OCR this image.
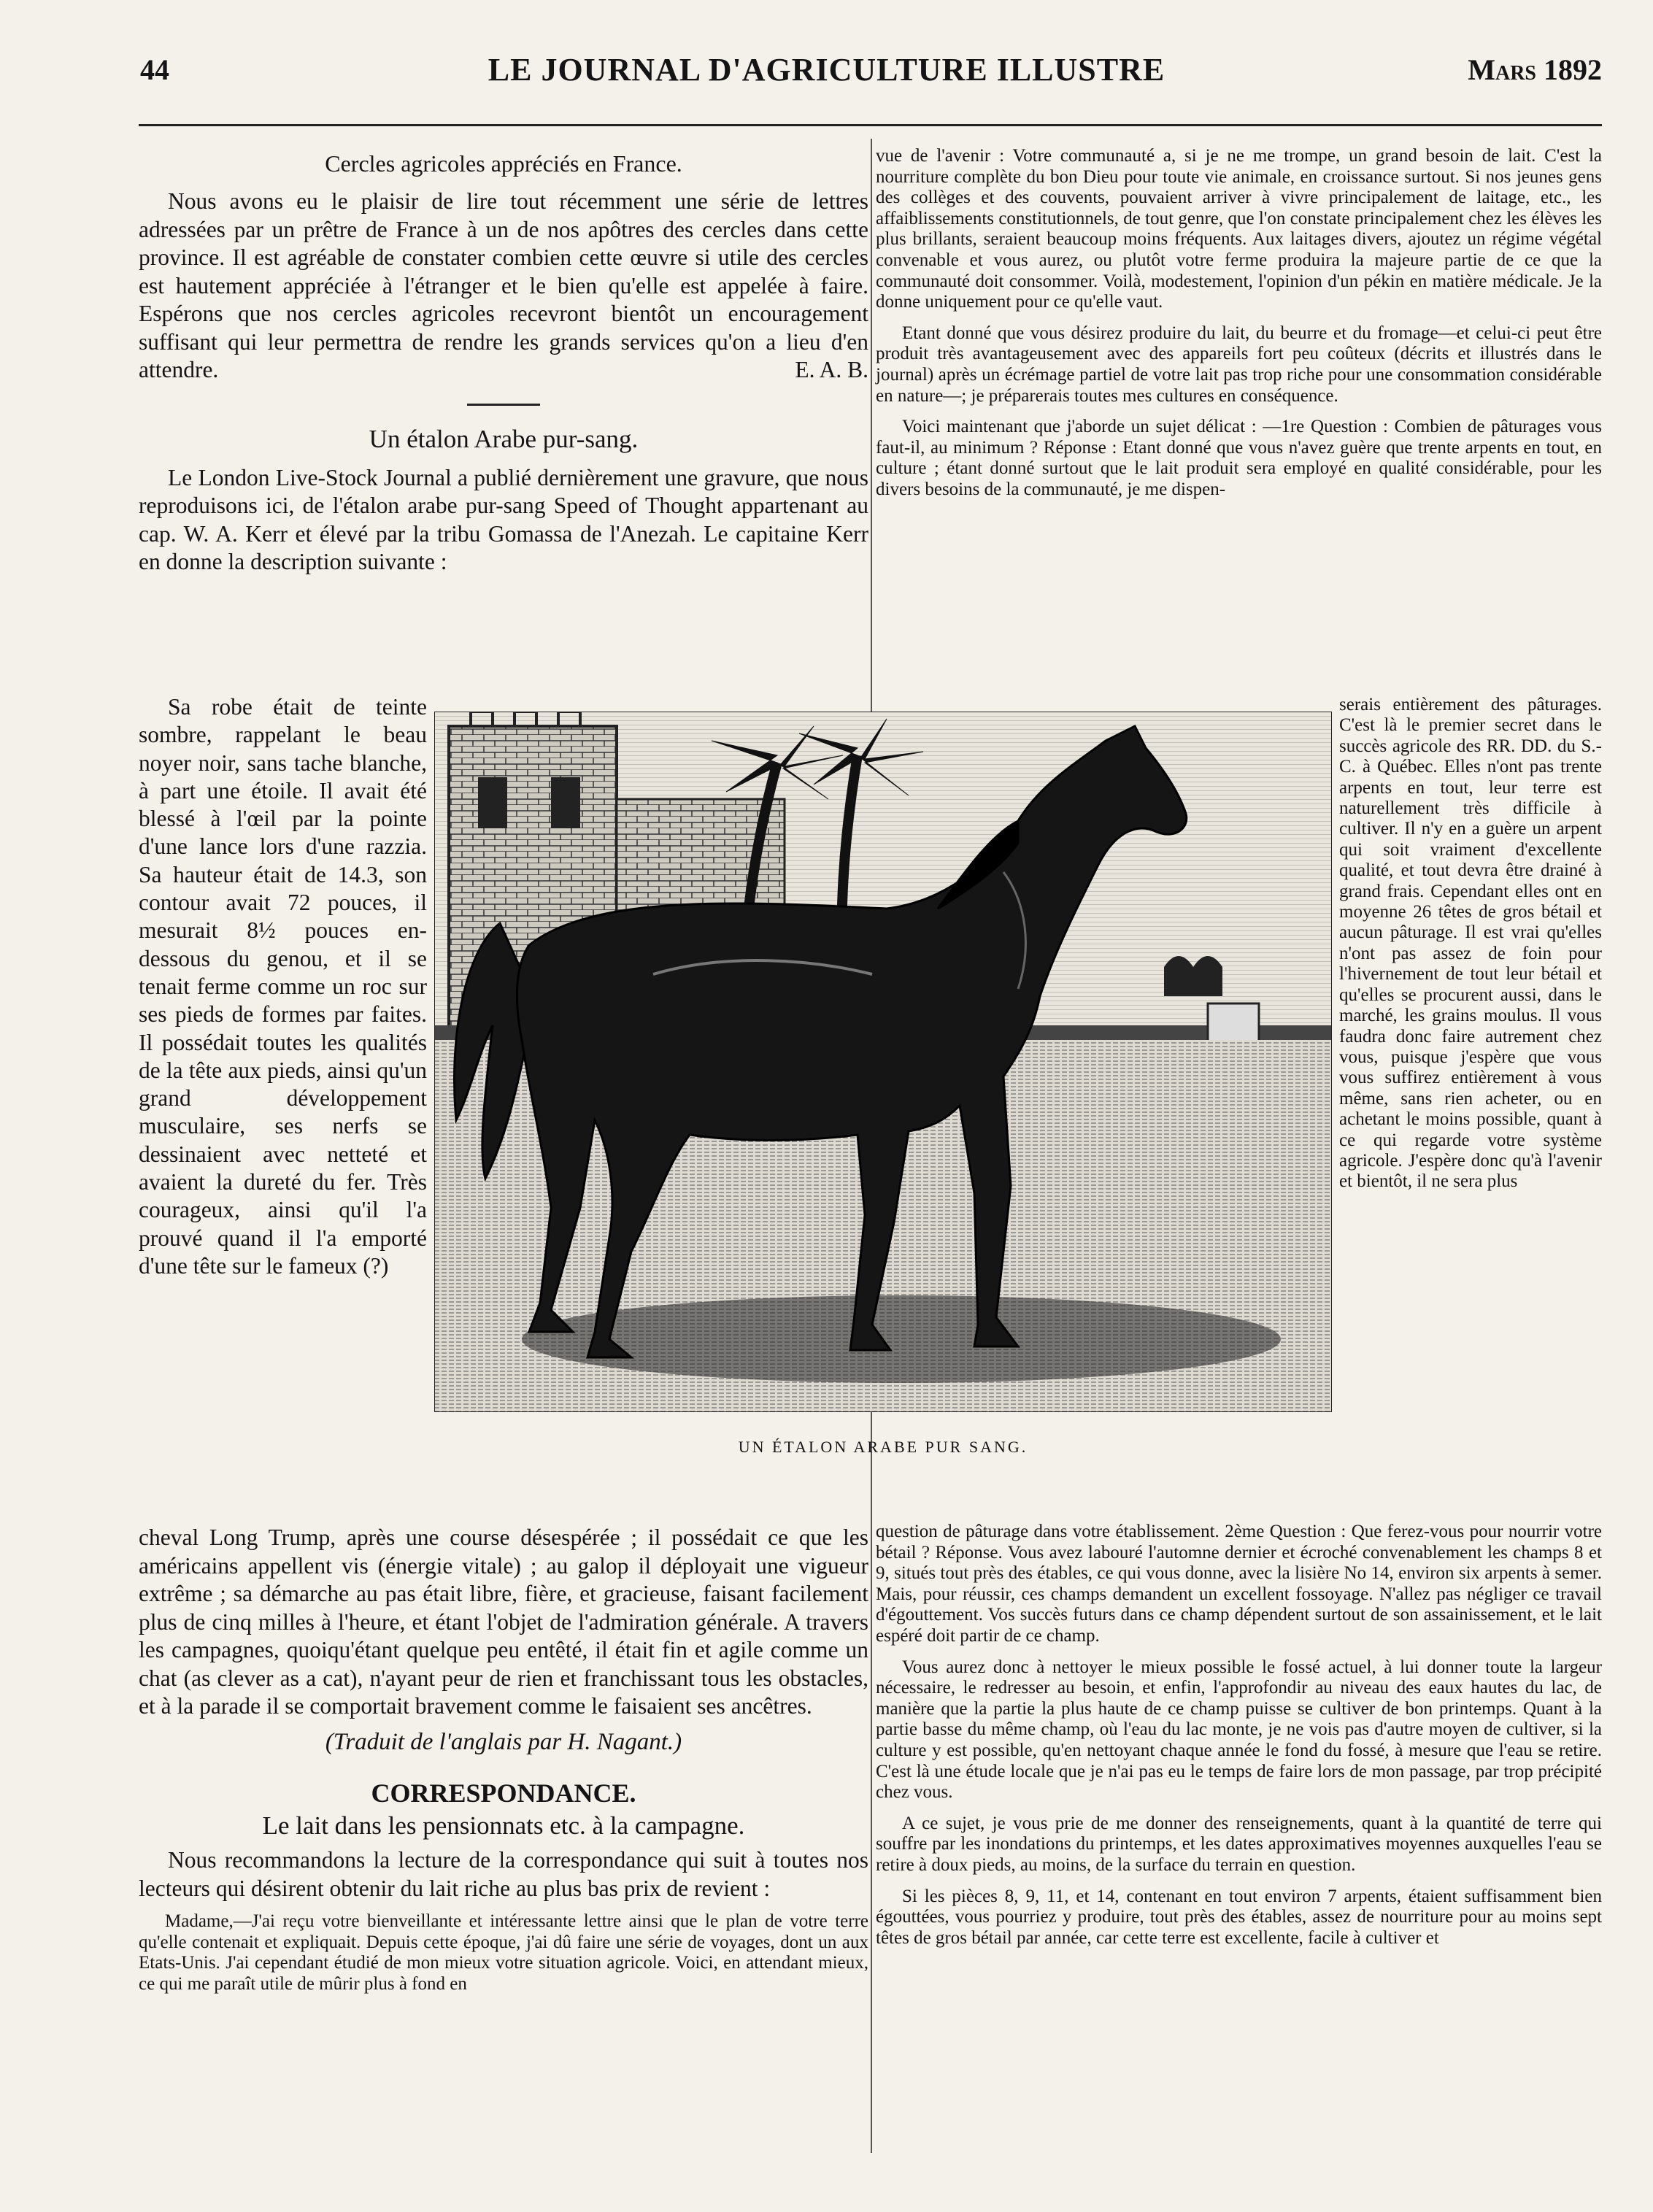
44	LE JOURNAL D'AGRICULTURE ILLUSTRE	Mars 1892
Cercles agricoles appréciés en France.

Nous avons eu le plaisir de lire tout récemment une série de lettres adressées par un prêtre de France à un de nos apôtres des cercles dans cette province. Il est agréable de constater combien cette œuvre si utile des cercles est hautement appréciée à l'étranger et le bien qu'elle est appelée à faire. Espérons que nos cercles agricoles recevront bientôt un encouragement suffisant qui leur permettra de rendre les grands services qu'on a lieu d'en attendre.	E. A. B.

Un étalon Arabe pur-sang.

Le London Live-Stock Journal a publié dernièrement une gravure, que nous reproduisons ici, de l'étalon arabe pur-sang Speed of Thought appartenant au cap. W. A. Kerr et élevé par la tribu Gomassa de l'Anezah. Le capitaine Kerr en donne la description suivante :

Sa robe était de teinte sombre, rappelant le beau noyer noir, sans tache blanche, à part une étoile. Il avait été blessé à l'œil par la pointe d'une lance lors d'une razzia. Sa hauteur était de 14.3, son contour avait 72 pouces, il mesurait 8½ pouces en-dessous du genou, et il se tenait ferme comme un roc sur ses pieds de formes par faites. Il possédait toutes les qualités de la tête aux pieds, ainsi qu'un grand développement musculaire, ses nerfs se dessinaient avec netteté et avaient la dureté du fer. Très courageux, ainsi qu'il l'a prouvé quand il l'a emporté d'une tête sur le fameux (?)

UN ÉTALON ARABE PUR SANG.

cheval Long Trump, après une course désespérée ; il possédait ce que les américains appellent vis (énergie vitale) ; au galop il déployait une vigueur extrême ; sa démarche au pas était libre, fière, et gracieuse, faisant facilement plus de cinq milles à l'heure, et étant l'objet de l'admiration générale. A travers les campagnes, quoiqu'étant quelque peu entêté, il était fin et agile comme un chat (as clever as a cat), n'ayant peur de rien et franchissant tous les obstacles, et à la parade il se comportait bravement comme le faisaient ses ancêtres.

(Traduit de l'anglais par H. Nagant.)

CORRESPONDANCE.
Le lait dans les pensionnats etc. à la campagne.

Nous recommandons la lecture de la correspondance qui suit à toutes nos lecteurs qui désirent obtenir du lait riche au plus bas prix de revient :

Madame,—J'ai reçu votre bienveillante et intéressante lettre ainsi que le plan de votre terre qu'elle contenait et expliquait. Depuis cette époque, j'ai dû faire une série de voyages, dont un aux Etats-Unis. J'ai cependant étudié de mon mieux votre situation agricole. Voici, en attendant mieux, ce qui me paraît utile de mûrir plus à fond en

vue de l'avenir : Votre communauté a, si je ne me trompe, un grand besoin de lait. C'est la nourriture complète du bon Dieu pour toute vie animale, en croissance surtout. Si nos jeunes gens des collèges et des couvents, pouvaient arriver à vivre principalement de laitage, etc., les affaiblissements constitutionnels, de tout genre, que l'on constate principalement chez les élèves les plus brillants, seraient beaucoup moins fréquents. Aux laitages divers, ajoutez un régime végétal convenable et vous aurez, ou plutôt votre ferme produira la majeure partie de ce que la communauté doit consommer. Voilà, modestement, l'opinion d'un pékin en matière médicale. Je la donne uniquement pour ce qu'elle vaut.

Etant donné que vous désirez produire du lait, du beurre et du fromage—et celui-ci peut être produit très avantageusement avec des appareils fort peu coûteux (décrits et illustrés dans le journal) après un écrémage partiel de votre lait pas trop riche pour une consommation considérable en nature—; je préparerais toutes mes cultures en conséquence.

Voici maintenant que j'aborde un sujet délicat : —1re Question : Combien de pâturages vous faut-il, au minimum ? Réponse : Etant donné que vous n'avez guère que trente arpents en tout, en culture ; étant donné surtout que le lait produit sera employé en qualité considérable, pour les divers besoins de la communauté, je me dispen-

serais entièrement des pâturages. C'est là le premier secret dans le succès agricole des RR. DD. du S.-C. à Québec. Elles n'ont pas trente arpents en tout, leur terre est naturellement très difficile à cultiver. Il n'y en a guère un arpent qui soit vraiment d'excellente qualité, et tout devra être drainé à grand frais. Cependant elles ont en moyenne 26 têtes de gros bétail et aucun pâturage. Il est vrai qu'elles n'ont pas assez de foin pour l'hivernement de tout leur bétail et qu'elles se procurent aussi, dans le marché, les grains moulus. Il vous faudra donc faire autrement chez vous, puisque j'espère que vous vous suffirez entièrement à vous même, sans rien acheter, ou en achetant le moins possible, quant à ce qui regarde votre système agricole. J'espère donc qu'à l'avenir et bientôt, il ne sera plus

question de pâturage dans votre établissement. 2ème Question : Que ferez-vous pour nourrir votre bétail ? Réponse. Vous avez labouré l'automne dernier et écroché convenablement les champs 8 et 9, situés tout près des étables, ce qui vous donne, avec la lisière No 14, environ six arpents à semer. Mais, pour réussir, ces champs demandent un excellent fossoyage. N'allez pas négliger ce travail d'égouttement. Vos succès futurs dans ce champ dépendent surtout de son assainissement, et le lait espéré doit partir de ce champ.

Vous aurez donc à nettoyer le mieux possible le fossé actuel, à lui donner toute la largeur nécessaire, le redresser au besoin, et enfin, l'approfondir au niveau des eaux hautes du lac, de manière que la partie la plus haute de ce champ puisse se cultiver de bon printemps. Quant à la partie basse du même champ, où l'eau du lac monte, je ne vois pas d'autre moyen de cultiver, si la culture y est possible, qu'en nettoyant chaque année le fond du fossé, à mesure que l'eau se retire. C'est là une étude locale que je n'ai pas eu le temps de faire lors de mon passage, par trop précipité chez vous.

A ce sujet, je vous prie de me donner des renseignements, quant à la quantité de terre qui souffre par les inondations du printemps, et les dates approximatives moyennes auxquelles l'eau se retire à doux pieds, au moins, de la surface du terrain en question.

Si les pièces 8, 9, 11, et 14, contenant en tout environ 7 arpents, étaient suffisamment bien égouttées, vous pourriez y produire, tout près des étables, assez de nourriture pour au moins sept têtes de gros bétail par année, car cette terre est excellente, facile à cultiver et
